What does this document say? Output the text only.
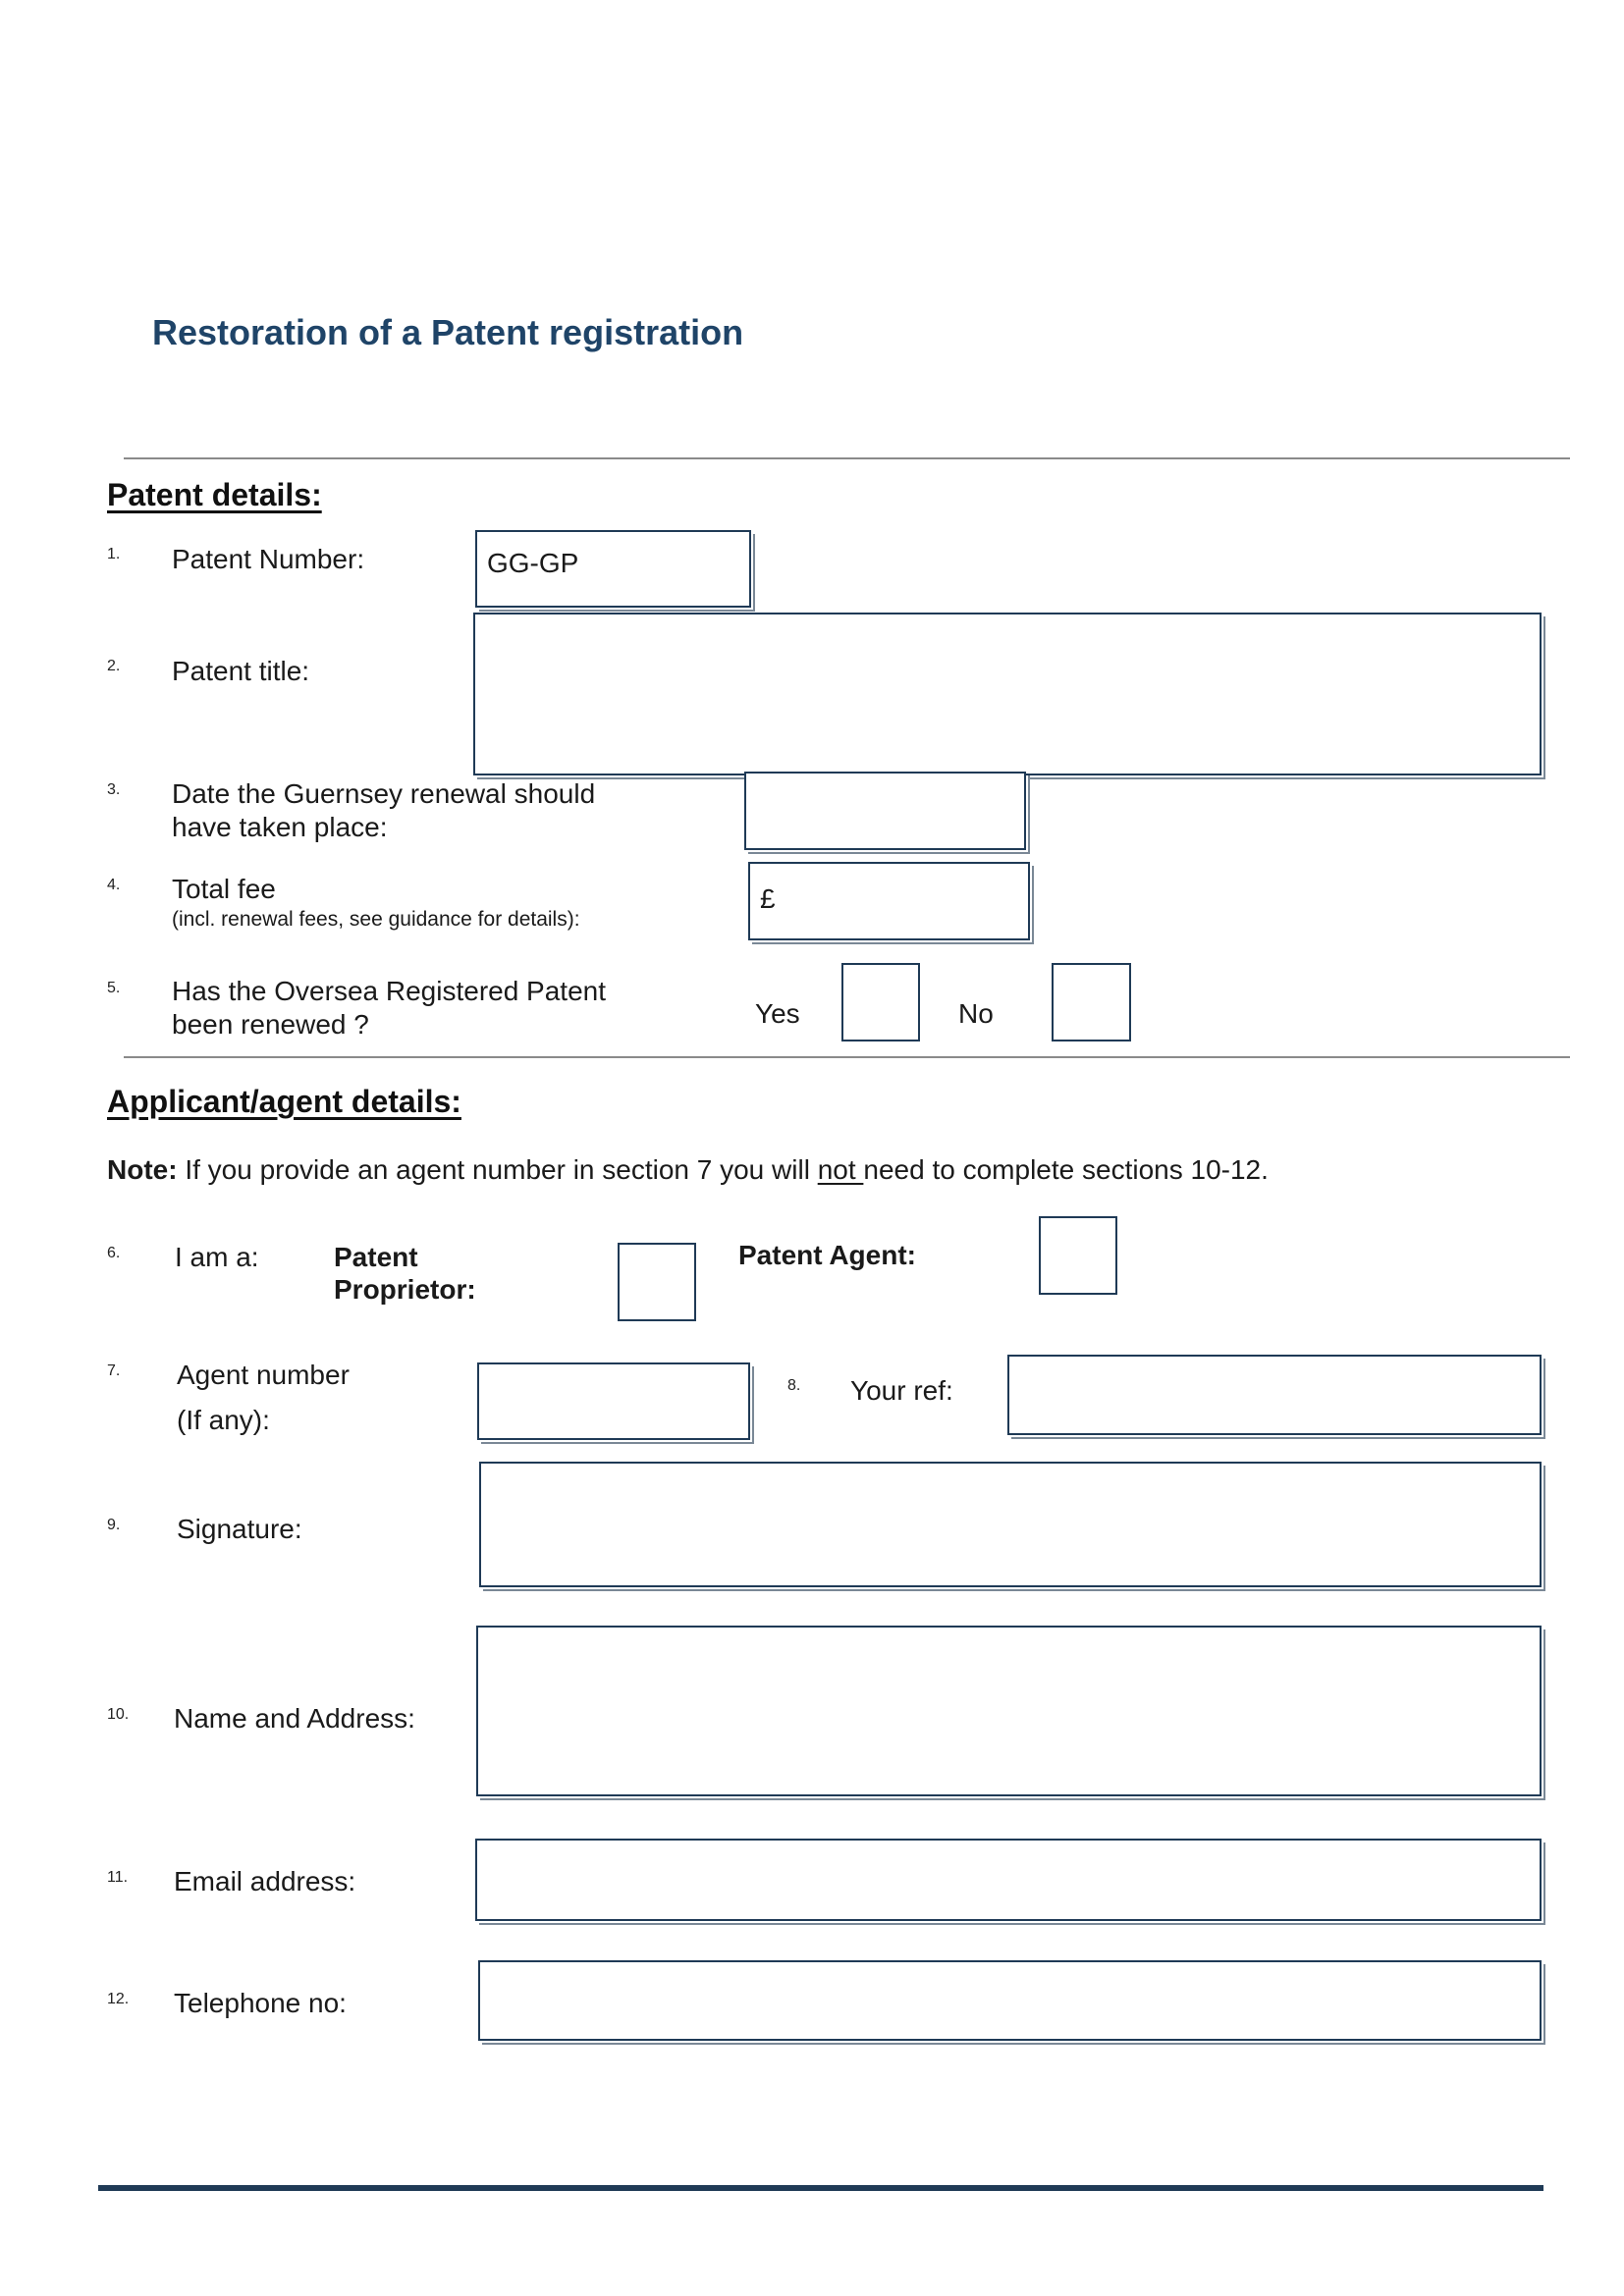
Restoration of a Patent registration
Patent details:
1. Patent Number:	GG-GP
2. Patent title:
3. Date the Guernsey renewal should
have taken place:
4. Total fee
(incl. renewal fees, see guidance for details):
£
5. Has the Oversea Registered Patent
been renewed ?	Yes	No
Applicant/agent details:
Note: If you provide an agent number in section 7 you will not need to complete sections 10-12.
6. I am a:	Patent
Proprietor:
Patent Agent:
7. Agent number
(If any):
8. Your ref:
9. Signature:
10. Name and Address:
11. Email address:
12. Telephone no:
